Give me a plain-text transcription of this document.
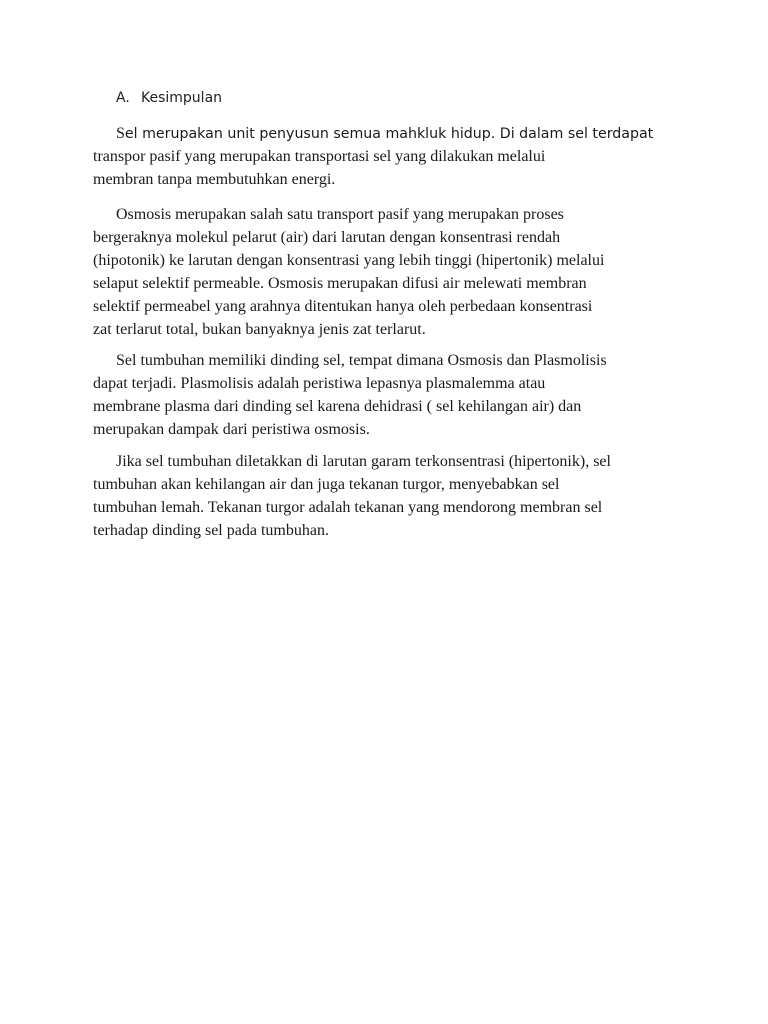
A. Kesimpulan
Sel merupakan unit penyusun semua mahkluk hidup. Di dalam sel terdapat
transpor pasif yang merupakan transportasi sel yang dilakukan melalui
membran tanpa membutuhkan energi.
Osmosis merupakan salah satu transport pasif yang merupakan proses
bergeraknya molekul pelarut (air) dari larutan dengan konsentrasi rendah
(hipotonik) ke larutan dengan konsentrasi yang lebih tinggi (hipertonik) melalui
selaput selektif permeable. Osmosis merupakan difusi air melewati membran
selektif permeabel yang arahnya ditentukan hanya oleh perbedaan konsentrasi
zat terlarut total, bukan banyaknya jenis zat terlarut.
Sel tumbuhan memiliki dinding sel, tempat dimana Osmosis dan Plasmolisis
dapat terjadi. Plasmolisis adalah peristiwa lepasnya plasmalemma atau
membrane plasma dari dinding sel karena dehidrasi ( sel kehilangan air) dan
merupakan dampak dari peristiwa osmosis.
Jika sel tumbuhan diletakkan di larutan garam terkonsentrasi (hipertonik), sel
tumbuhan akan kehilangan air dan juga tekanan turgor, menyebabkan sel
tumbuhan lemah. Tekanan turgor adalah tekanan yang mendorong membran sel
terhadap dinding sel pada tumbuhan.
